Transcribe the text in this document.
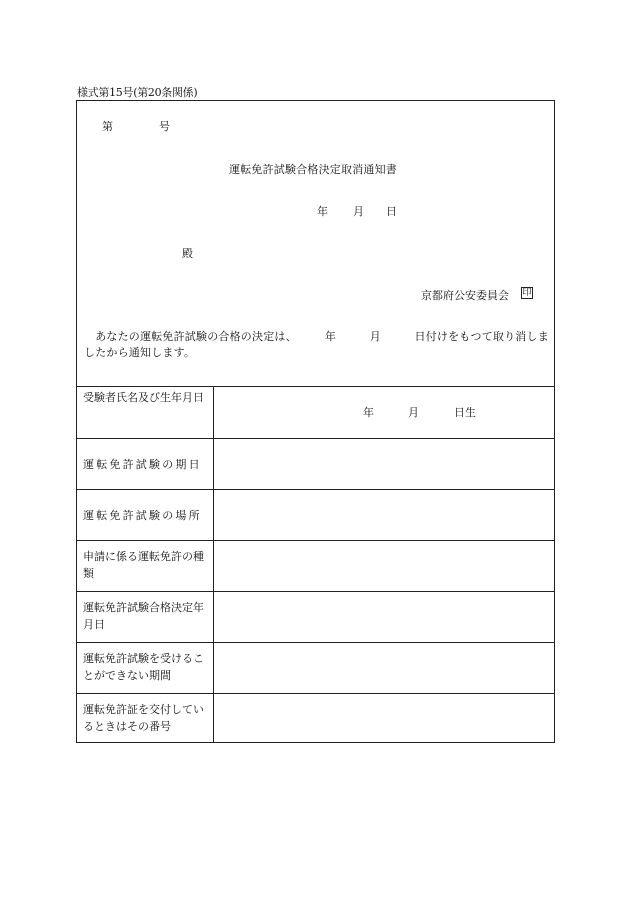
様式第15号(第20条関係)
第	号
運転免許試験合格決定取消通知書
年 月 日
殿
京都府公安委員会 印
　あなたの運転免許試験の合格の決定は、　　　年　　　月　　　日付けをもつて取り消しましたから通知します。
受験者氏名及び生年月日
年	月	日生
運転免許試験の期日
運転免許試験の場所
申請に係る運転免許の種類
運転免許試験合格決定年月日
運転免許試験を受けることができない期間
運転免許証を交付しているときはその番号
